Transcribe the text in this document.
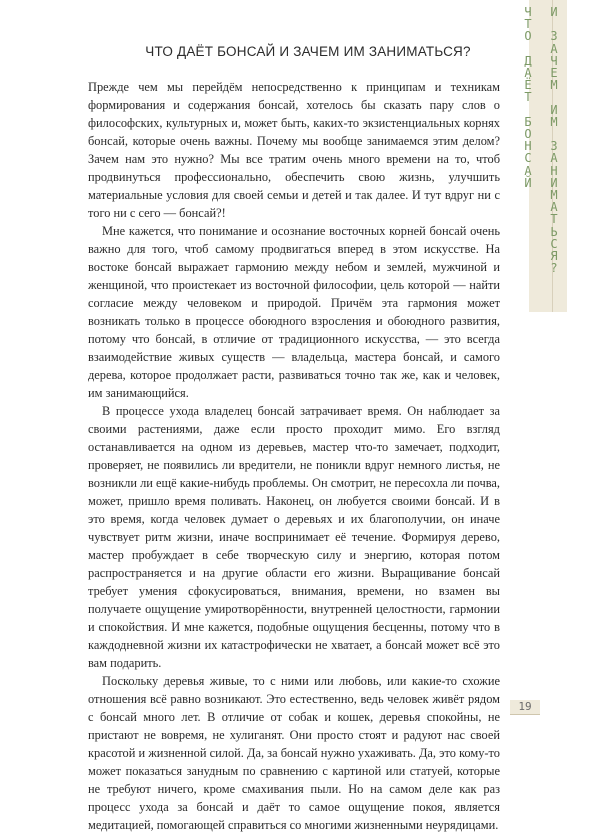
Ч
Т
О

Д
А
Ё
Т

Б
О
Н
С
А
Й
И

З
А
Ч
Е
М

И
М

З
А
Н
И
М
А
Т
Ь
С
Я
?
ЧТО ДАЁТ БОНСАЙ И ЗАЧЕМ ИМ ЗАНИМАТЬСЯ?

Прежде чем мы перейдём непосредственно к принципам и техникам формирования и содержания бонсай, хотелось бы сказать пару слов о философских, культурных и, может быть, каких-то экзистенциальных корнях бонсай, которые очень важны. Почему мы вообще занимаемся этим делом? Зачем нам это нужно? Мы все тратим очень много времени на то, чтоб продвинуться профессионально, обеспечить свою жизнь, улучшить материальные условия для своей семьи и детей и так далее. И тут вдруг ни с того ни с сего — бонсай?!

Мне кажется, что понимание и осознание восточных корней бонсай очень важно для того, чтоб самому продвигаться вперед в этом искусстве. На востоке бонсай выражает гармонию между небом и землей, мужчиной и женщиной, что проистекает из восточной философии, цель которой — найти согласие между человеком и природой. Причём эта гармония может возникать только в процессе обоюдного взросления и обоюдного развития, потому что бонсай, в отличие от традиционного искусства, — это всегда взаимодействие живых существ — владельца, мастера бонсай, и самого дерева, которое продолжает расти, развиваться точно так же, как и человек, им занимающийся.

В процессе ухода владелец бонсай затрачивает время. Он наблюдает за своими растениями, даже если просто проходит мимо. Его взгляд останавливается на одном из деревьев, мастер что-то замечает, подходит, проверяет, не появились ли вредители, не поникли вдруг немного листья, не возникли ли ещё какие-нибудь проблемы. Он смотрит, не пересохла ли почва, может, пришло время поливать. Наконец, он любуется своими бонсай. И в это время, когда человек думает о деревьях и их благополучии, он иначе чувствует ритм жизни, иначе воспринимает её течение. Формируя дерево, мастер пробуждает в себе творческую силу и энергию, которая потом распространяется и на другие области его жизни. Выращивание бонсай требует умения сфокусироваться, внимания, времени, но взамен вы получаете ощущение умиротворённости, внутренней целостности, гармонии и спокойствия. И мне кажется, подобные ощущения бесценны, потому что в каждодневной жизни их катастрофически не хватает, а бонсай может всё это вам подарить.

Поскольку деревья живые, то с ними или любовь, или какие-то схожие отношения всё равно возникают. Это естественно, ведь человек живёт рядом с бонсай много лет. В отличие от собак и кошек, деревья спокойны, не пристают не вовремя, не хулиганят. Они просто стоят и радуют нас своей красотой и жизненной силой. Да, за бонсай нужно ухаживать. Да, это кому-то может показаться занудным по сравнению с картиной или статуей, которые не требуют ничего, кроме смахивания пыли. Но на самом деле как раз процесс ухода за бонсай и даёт то самое ощущение покоя, является медитацией, помогающей справиться со многими жизненными неурядицами.

19
